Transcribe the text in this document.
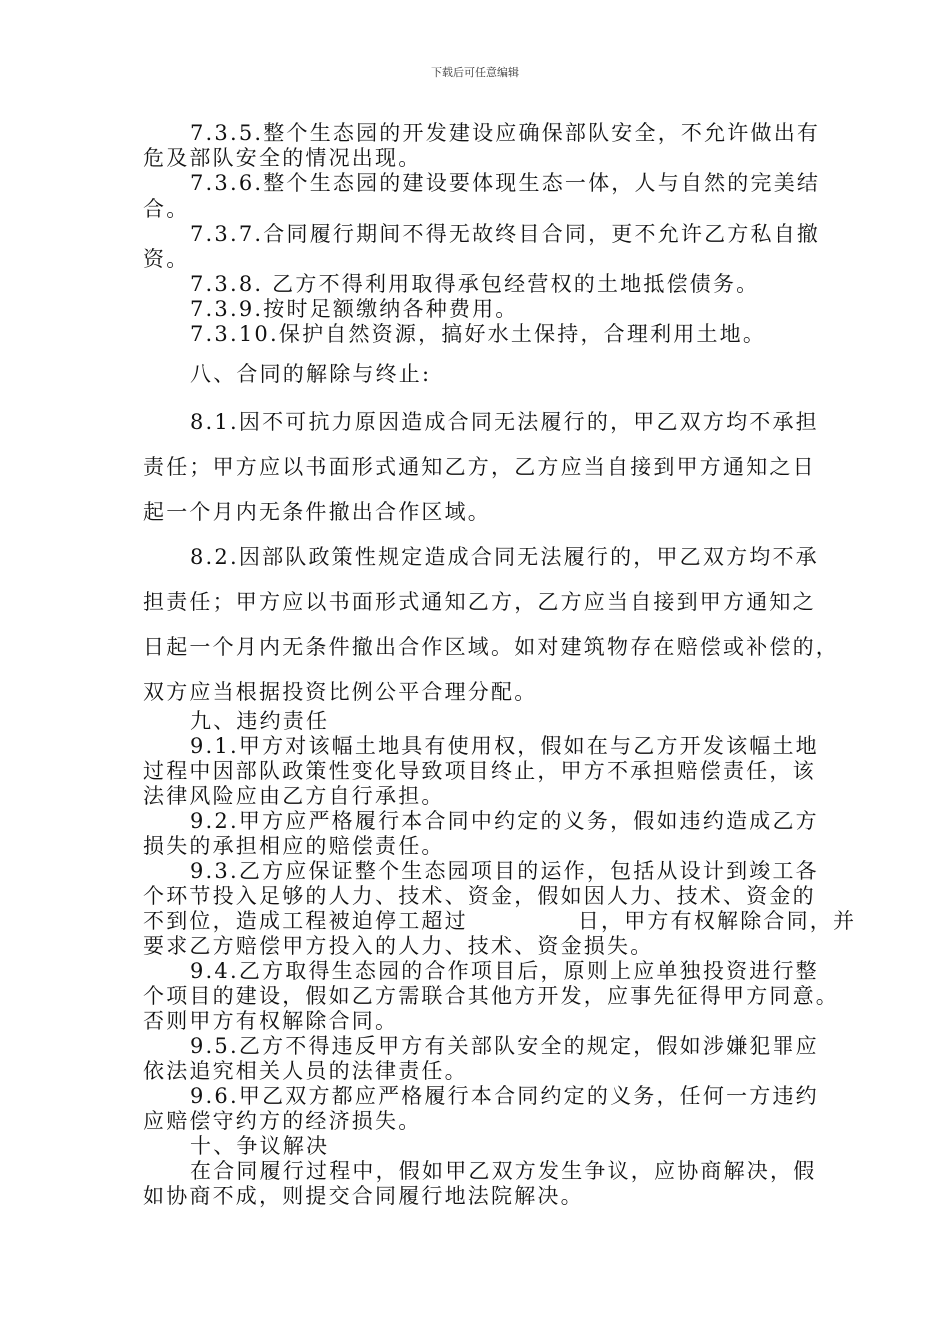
下载后可任意编辑
7.3.5.整个生态园的开发建设应确保部队安全，不允许做出有
危及部队安全的情况出现。
7.3.6.整个生态园的建设要体现生态一体，人与自然的完美结
合。
7.3.7.合同履行期间不得无故终目合同，更不允许乙方私自撤
资。
7.3.8. 乙方不得利用取得承包经营权的土地抵偿债务。
7.3.9.按时足额缴纳各种费用。
7.3.10.保护自然资源，搞好水土保持，合理利用土地。
八、合同的解除与终止:
8.1.因不可抗力原因造成合同无法履行的，甲乙双方均不承担
责任；甲方应以书面形式通知乙方，乙方应当自接到甲方通知之日
起一个月内无条件撤出合作区域。
8.2.因部队政策性规定造成合同无法履行的，甲乙双方均不承
担责任；甲方应以书面形式通知乙方，乙方应当自接到甲方通知之
日起一个月内无条件撤出合作区域。如对建筑物存在赔偿或补偿的，
双方应当根据投资比例公平合理分配。
九、违约责任
9.1.甲方对该幅土地具有使用权，假如在与乙方开发该幅土地
过程中因部队政策性变化导致项目终止，甲方不承担赔偿责任，该
法律风险应由乙方自行承担。
9.2.甲方应严格履行本合同中约定的义务，假如违约造成乙方
损失的承担相应的赔偿责任。
9.3.乙方应保证整个生态园项目的运作，包括从设计到竣工各
个环节投入足够的人力、技术、资金，假如因人力、技术、资金的
不到位，造成工程被迫停工超过	日，甲方有权解除合同，并
要求乙方赔偿甲方投入的人力、技术、资金损失。
9.4.乙方取得生态园的合作项目后，原则上应单独投资进行整
个项目的建设，假如乙方需联合其他方开发，应事先征得甲方同意。
否则甲方有权解除合同。
9.5.乙方不得违反甲方有关部队安全的规定，假如涉嫌犯罪应
依法追究相关人员的法律责任。
9.6.甲乙双方都应严格履行本合同约定的义务，任何一方违约
应赔偿守约方的经济损失。
十、争议解决
在合同履行过程中，假如甲乙双方发生争议，应协商解决，假
如协商不成，则提交合同履行地法院解决。
